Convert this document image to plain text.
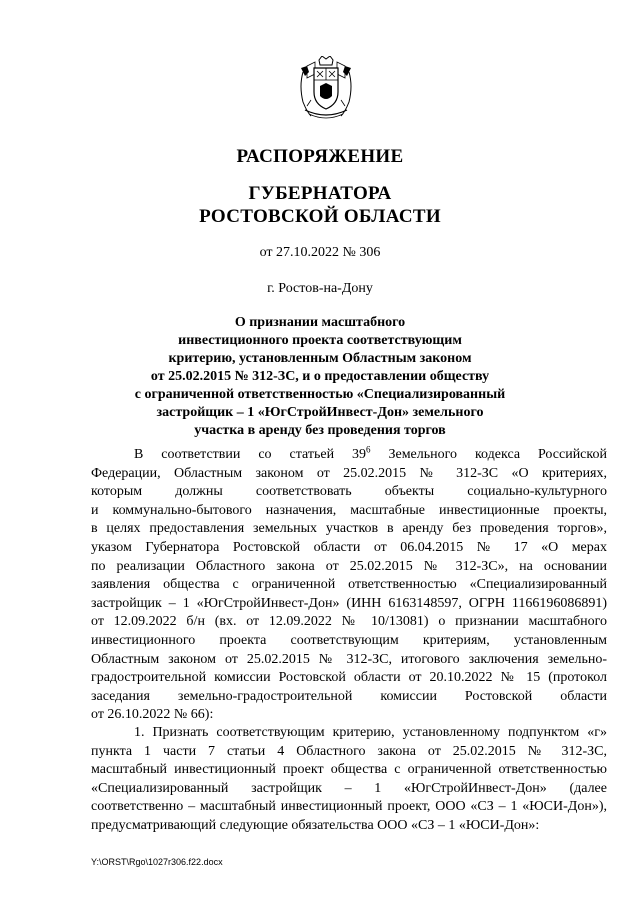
РАСПОРЯЖЕНИЕ
ГУБЕРНАТОРА
РОСТОВСКОЙ ОБЛАСТИ
от 27.10.2022 № 306
г. Ростов-на-Дону
О признании масштабного
инвестиционного проекта соответствующим
критерию, установленным Областным законом
от 25.02.2015 № 312-ЗС, и о предоставлении обществу
с ограниченной ответственностью «Специализированный
застройщик – 1 «ЮгСтройИнвест-Дон» земельного
участка в аренду без проведения торгов
В соответствии со статьей $39^6$ Земельного кодекса Российской
Федерации, Областным законом от 25.02.2015 № 312-ЗС «О критериях,
которым должны соответствовать объекты социально-культурного
и коммунально-бытового назначения, масштабные инвестиционные проекты,
в целях предоставления земельных участков в аренду без проведения торгов»,
указом Губернатора Ростовской области от 06.04.2015 № 17 «О мерах
по реализации Областного закона от 25.02.2015 № 312-ЗС», на основании
заявления общества с ограниченной ответственностью «Специализированный
застройщик – 1 «ЮгСтройИнвест-Дон» (ИНН 6163148597, ОГРН 1166196086891)
от 12.09.2022 б/н (вх. от 12.09.2022 № 10/13081) о признании масштабного
инвестиционного проекта соответствующим критериям, установленным
Областным законом от 25.02.2015 № 312-ЗС, итогового заключения земельно-
градостроительной комиссии Ростовской области от 20.10.2022 № 15 (протокол
заседания земельно-градостроительной комиссии Ростовской области
от 26.10.2022 № 66):
1. Признать соответствующим критерию, установленному подпунктом «г»
пункта 1 части 7 статьи 4 Областного закона от 25.02.2015 № 312-ЗС,
масштабный инвестиционный проект общества с ограниченной ответственностью
«Специализированный застройщик – 1 «ЮгСтройИнвест-Дон» (далее
соответственно – масштабный инвестиционный проект, ООО «СЗ – 1 «ЮСИ-Дон»),
предусматривающий следующие обязательства ООО «СЗ – 1 «ЮСИ-Дон»:
Y:\ORST\Rgo\1027r306.f22.docx
